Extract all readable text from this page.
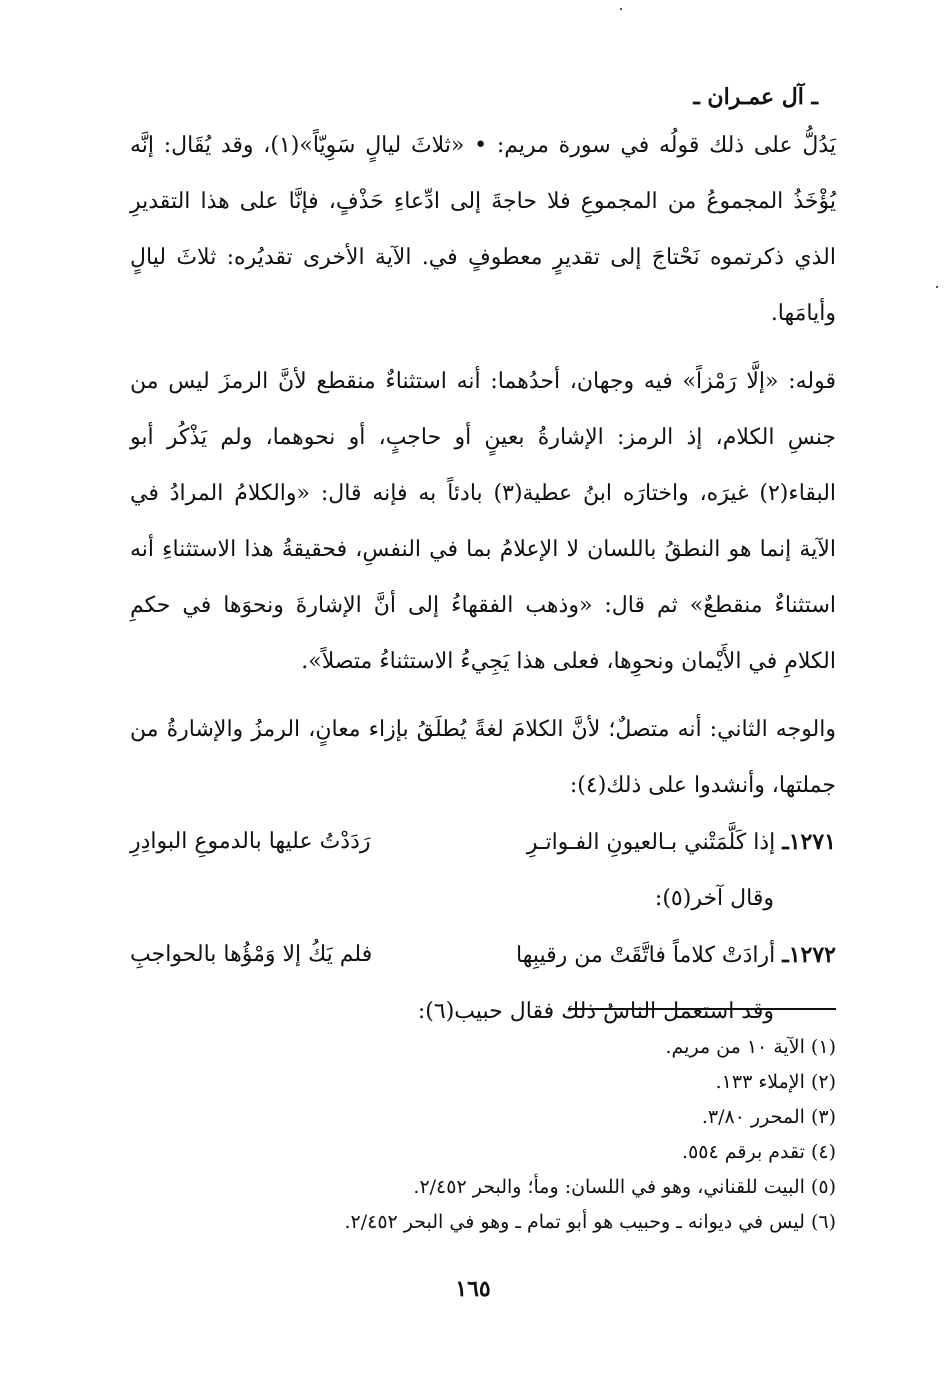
ـ آل عمـران ـ

يَدُلُّ على ذلك قولُه في سورة مريم: • «ثلاثَ ليالٍ سَوِيّاً»(١)، وقد يُقَال: إنَّه يُؤْخَذُ المجموعُ من المجموعِ فلا حاجةَ إلى ادِّعاءِ حَذْفٍ، فإنَّا على هذا التقديرِ الذي ذكرتموه نَحْتاجَ إلى تقديرٍ معطوفٍ في. الآية الأخرى تقديُره: ثلاثَ ليالٍ وأيامَها.

قوله: «إلَّا رَمْزاً» فيه وجهان، أحدُهما: أنه استثناءٌ منقطع لأنَّ الرمزَ ليس من جنسِ الكلام، إذ الرمز: الإشارةُ بعينٍ أو حاجبٍ، أو نحوهما، ولم يَذْكُر أبو البقاء(٢) غيرَه، واختارَه ابنُ عطية(٣) بادئاً به فإنه قال: «والكلامُ المرادُ في الآية إنما هو النطقُ باللسان لا الإعلامُ بما في النفسِ، فحقيقةُ هذا الاستثناءِ أنه استثناءٌ منقطعٌ» ثم قال: «وذهب الفقهاءُ إلى أنَّ الإشارةَ ونحوَها في حكمِ الكلامِ في الأَيْمان ونحوِها، فعلى هذا يَجِيءُ الاستثناءُ متصلاً».

والوجه الثاني: أنه متصلٌ؛ لأنَّ الكلامَ لغةً يُطلَقُ بإزاء معانٍ، الرمزُ والإشارةُ من جملتها، وأنشدوا على ذلك(٤):

١٢٧١ـ إذا كَلَّمَتْني بـالعيونِ الفـواتـرِ
رَدَدْتُ عليها بالدموعِ البوادِرِ
وقال آخر(٥):
١٢٧٢ـ أرادَتْ كلاماً فاتَّقَتْ من رقيبِها
فلم يَكُ إلا وَمْؤُها بالحواجبِ
وقد استعمل الناسُ ذلك فقال حبيب(٦):
(١) الآية ١٠ من مريم.
(٢) الإملاء ١٣٣.
(٣) المحرر ٣/٨٠.
(٤) تقدم برقم ٥٥٤.
(٥) البيت للقناني، وهو في اللسان: ومأ؛ والبحر ٢/٤٥٢.
(٦) ليس في ديوانه ـ وحبيب هو أبو تمام ـ وهو في البحر ٢/٤٥٢.
١٦٥
